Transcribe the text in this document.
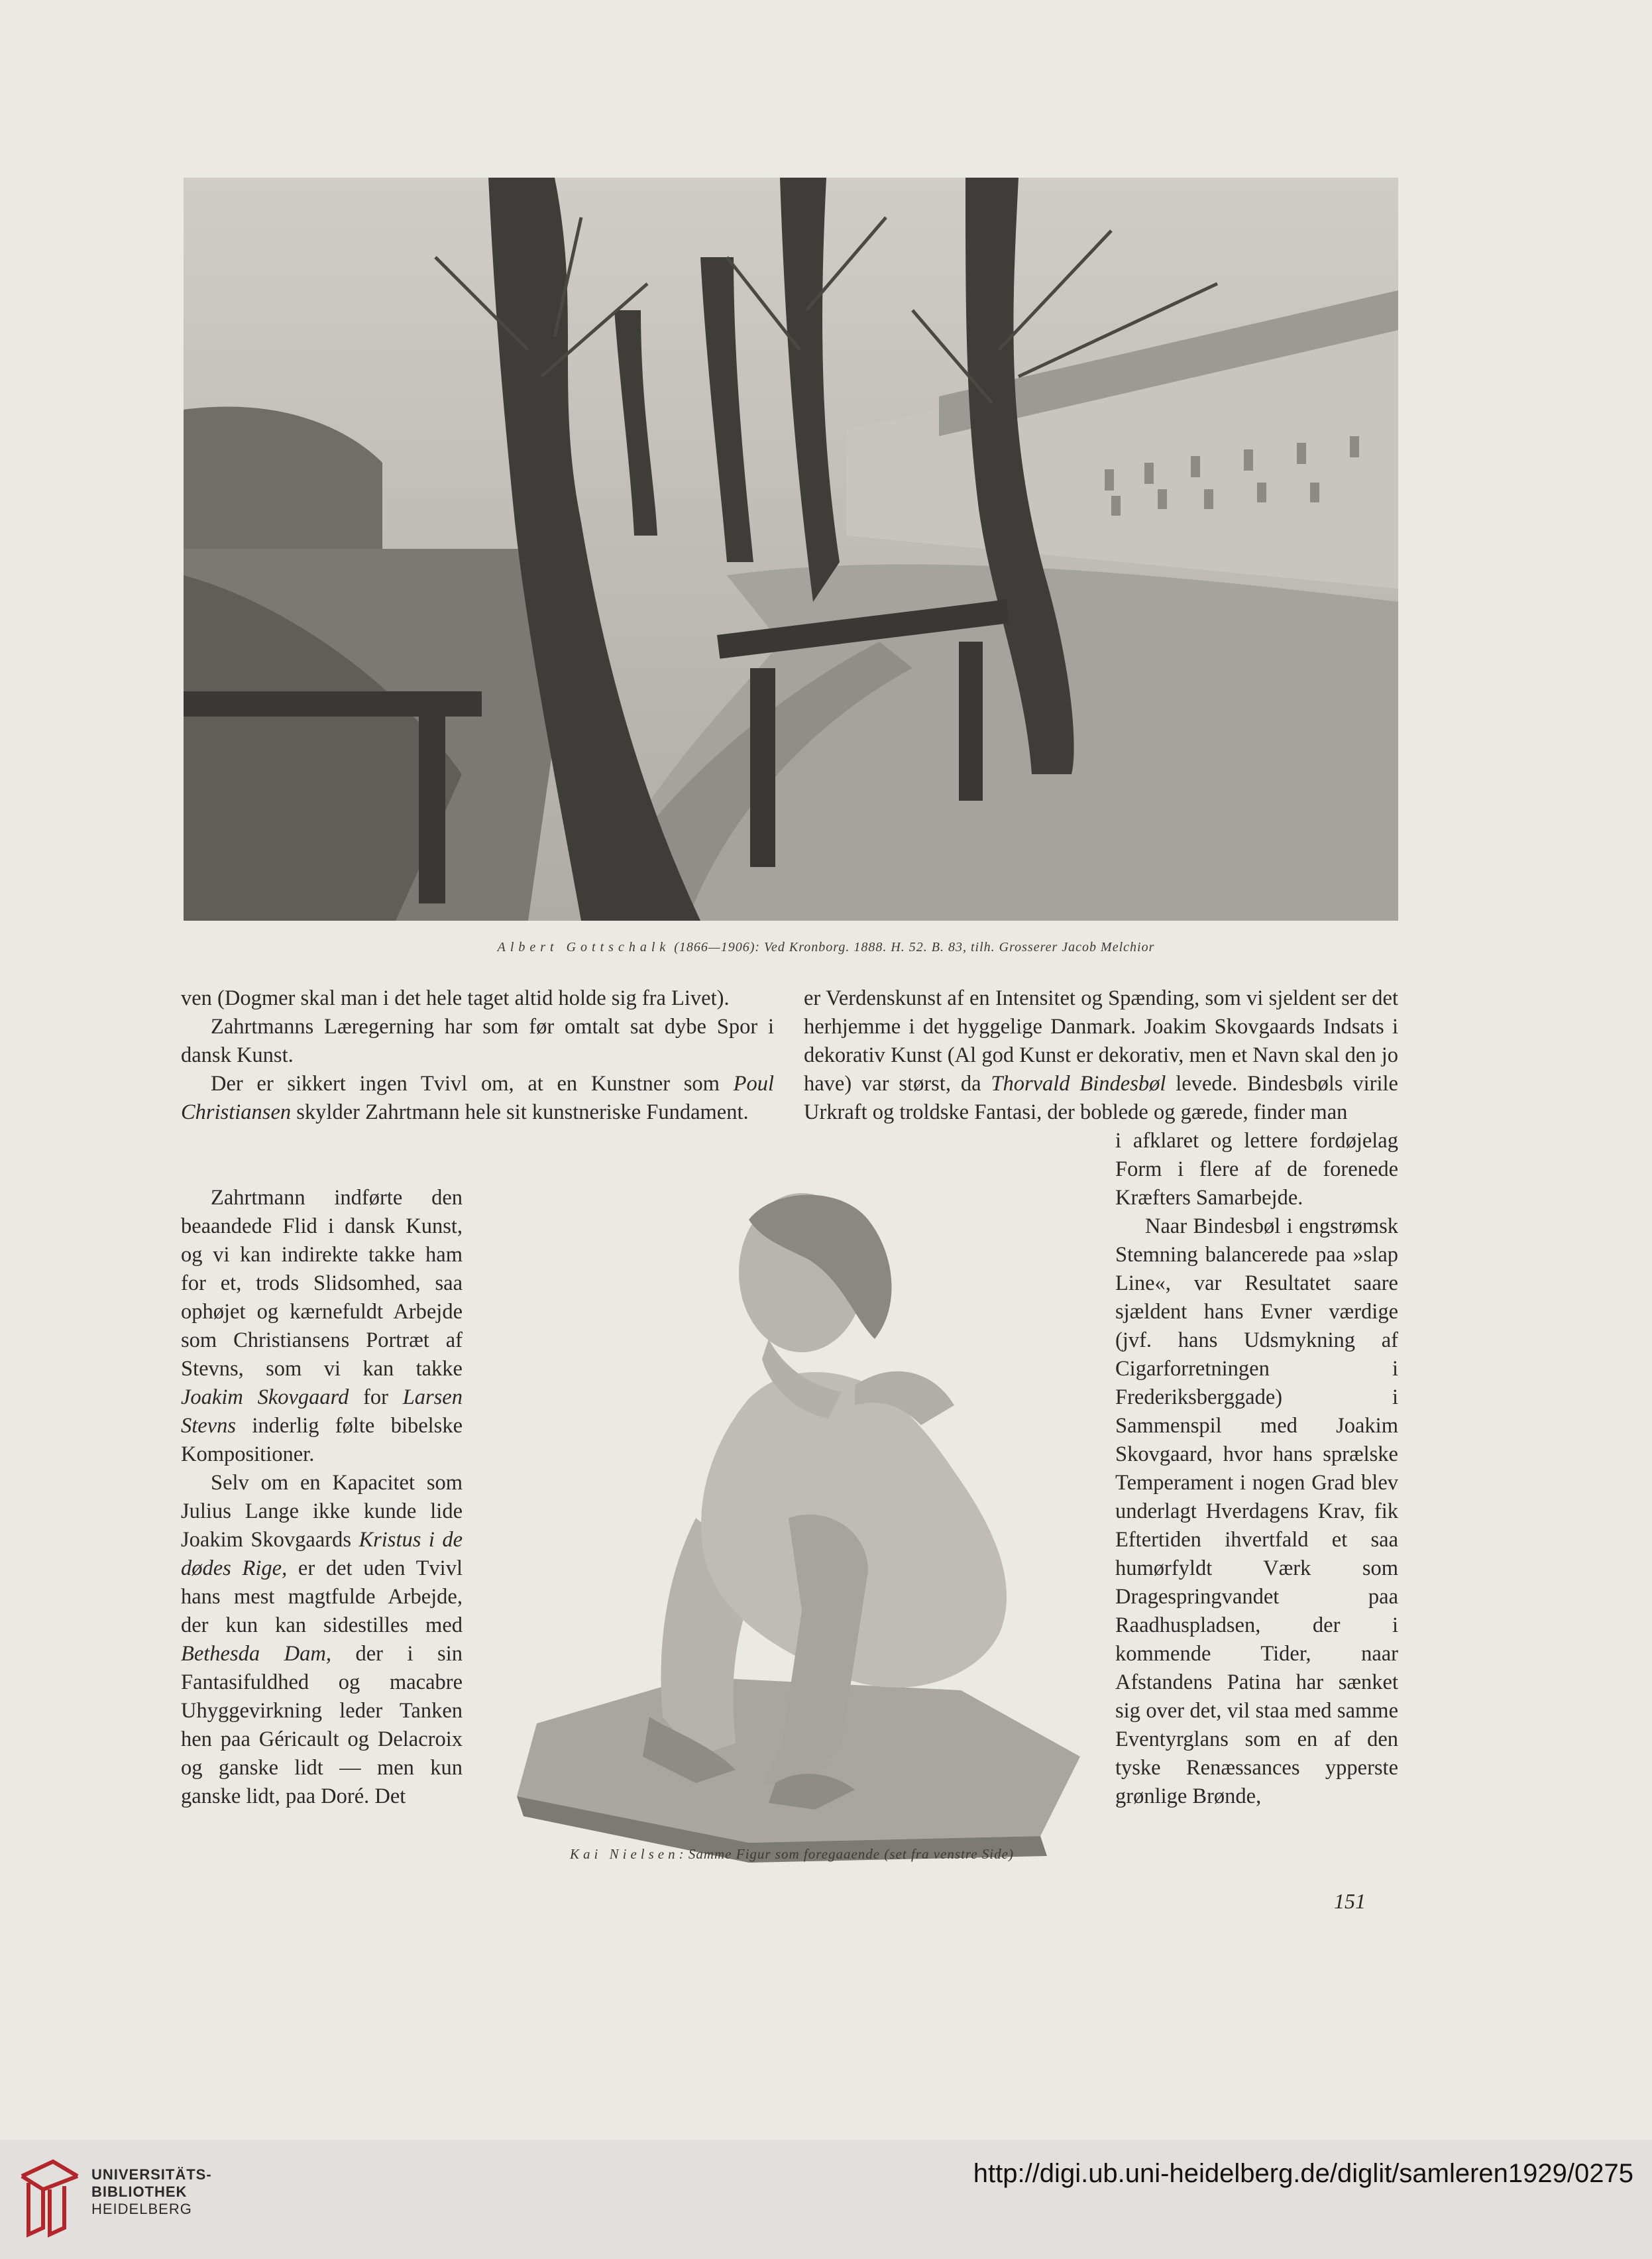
Albert Gottschalk (1866—1906): Ved Kronborg. 1888. H. 52. B. 83, tilh. Grosserer Jacob Melchior

ven (Dogmer skal man i det hele taget altid holde sig fra Livet).

Zahrtmanns Læregerning har som før omtalt sat dybe Spor i dansk Kunst.

Der er sikkert ingen Tvivl om, at en Kunstner som Poul Christiansen skylder Zahrtmann hele sit kunstneriske Fundament.

Zahrtmann indførte den beaandede Flid i dansk Kunst, og vi kan indirekte takke ham for et, trods Slidsomhed, saa ophøjet og kærnefuldt Arbejde som Christiansens Portræt af Stevns, som vi kan takke Joakim Skovgaard for Larsen Stevns inderlig følte bibelske Kompositioner.

Selv om en Kapacitet som Julius Lange ikke kunde lide Joakim Skovgaards Kristus i de dødes Rige, er det uden Tvivl hans mest magtfulde Arbejde, der kun kan sidestilles med Bethesda Dam, der i sin Fantasifuldhed og macabre Uhyggevirkning leder Tanken hen paa Géricault og Delacroix og ganske lidt — men kun ganske lidt, paa Doré. Det

er Verdenskunst af en Intensitet og Spænding, som vi sjeldent ser det herhjemme i det hyggelige Danmark. Joakim Skovgaards Indsats i dekorativ Kunst (Al god Kunst er dekorativ, men et Navn skal den jo have) var størst, da Thorvald Bindesbøl levede. Bindesbøls virile Urkraft og troldske Fantasi, der boblede og gærede, finder man

i afklaret og lettere fordøjelag Form i flere af de forenede Kræfters Samarbejde.

Naar Bindesbøl i engstrømsk Stemning balancerede paa »slap Line«, var Resultatet saare sjældent hans Evner værdige (jvf. hans Udsmykning af Cigarforretningen i Frederiksberggade) i Sammenspil med Joakim Skovgaard, hvor hans sprælske Temperament i nogen Grad blev underlagt Hverdagens Krav, fik Eftertiden ihvertfald et saa humørfyldt Værk som Dragespringvandet paa Raadhuspladsen, der i kommende Tider, naar Afstandens Patina har sænket sig over det, vil staa med samme Eventyrglans som en af den tyske Renæssances ypperste grønlige Brønde,

Kai Nielsen: Samme Figur som foregaaende (set fra venstre Side)
151
UNIVERSITÄTS-
BIBLIOTHEK
HEIDELBERG
http://digi.ub.uni-heidelberg.de/diglit/samleren1929/0275
